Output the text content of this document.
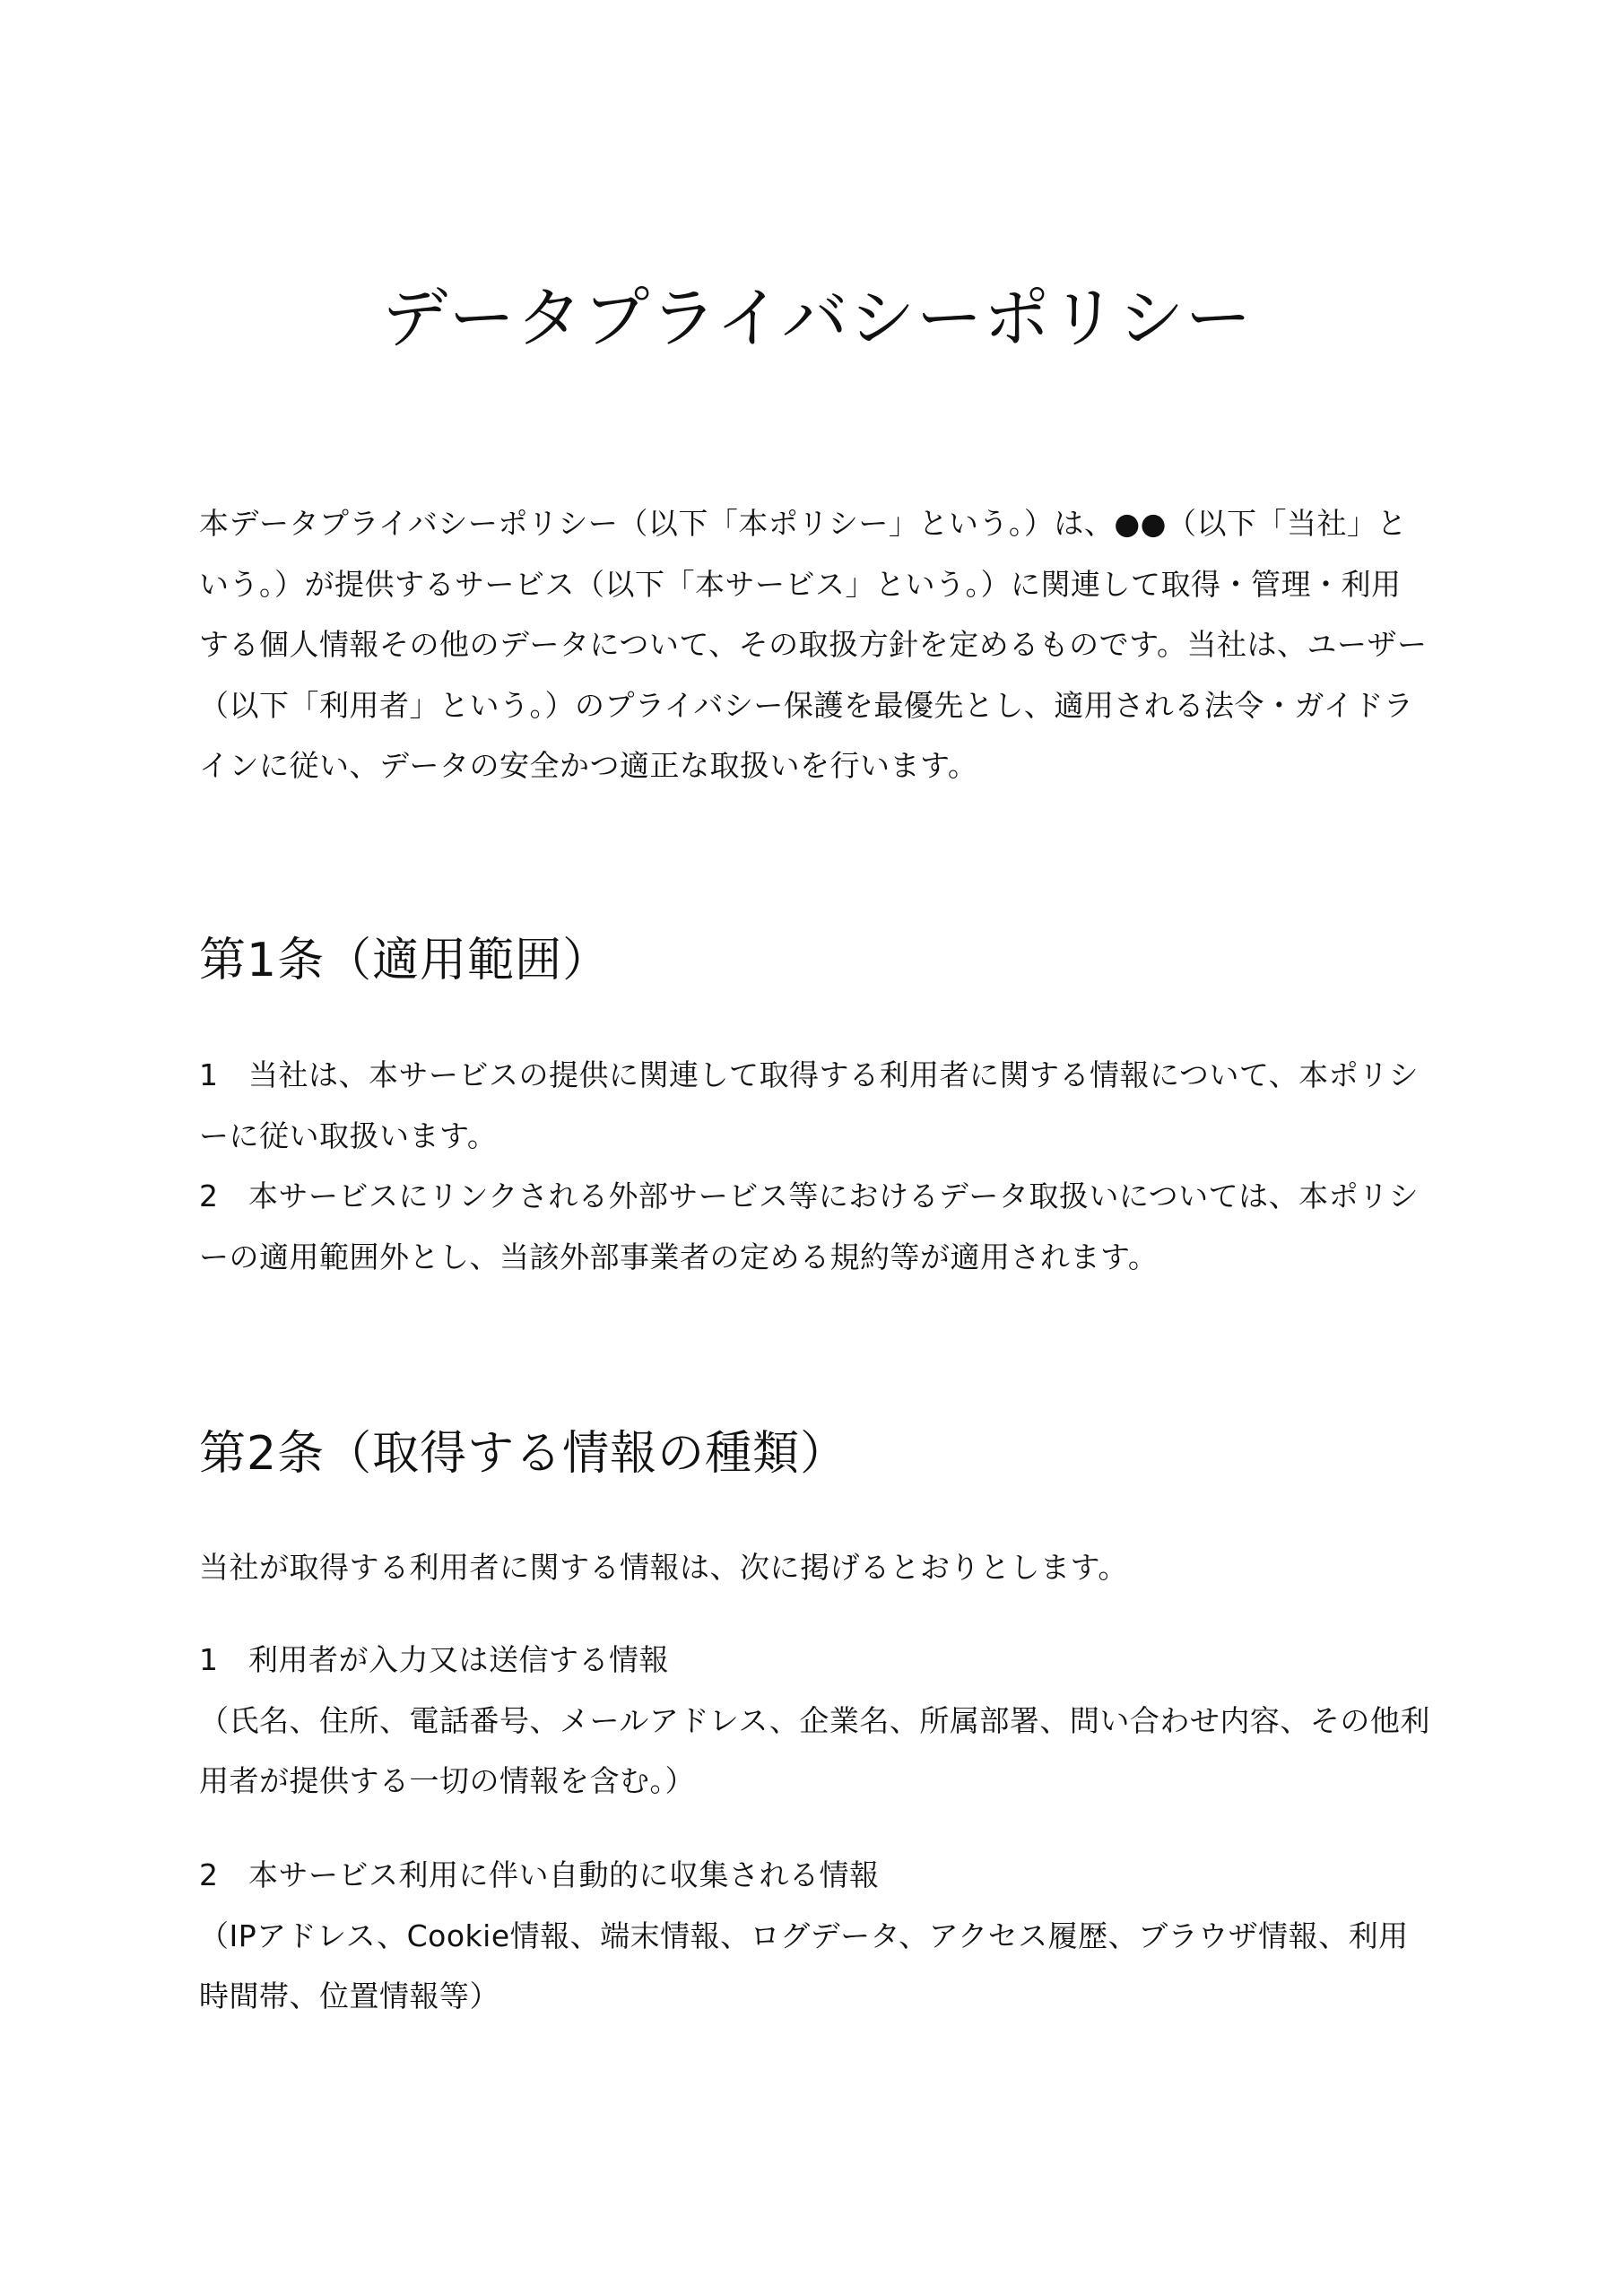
データプライバシーポリシー
本データプライバシーポリシー（以下「本ポリシー」という。）は、●●（以下「当社」と
いう。）が提供するサービス（以下「本サービス」という。）に関連して取得・管理・利用
する個人情報その他のデータについて、その取扱方針を定めるものです。当社は、ユーザー
（以下「利用者」という。）のプライバシー保護を最優先とし、適用される法令・ガイドラ
インに従い、データの安全かつ適正な取扱いを行います。
第1条（適用範囲）
1　当社は、本サービスの提供に関連して取得する利用者に関する情報について、本ポリシ
ーに従い取扱います。
2　本サービスにリンクされる外部サービス等におけるデータ取扱いについては、本ポリシ
ーの適用範囲外とし、当該外部事業者の定める規約等が適用されます。
第2条（取得する情報の種類）
当社が取得する利用者に関する情報は、次に掲げるとおりとします。
1　利用者が入力又は送信する情報
（氏名、住所、電話番号、メールアドレス、企業名、所属部署、問い合わせ内容、その他利
用者が提供する一切の情報を含む。）
2　本サービス利用に伴い自動的に収集される情報
（IPアドレス、Cookie情報、端末情報、ログデータ、アクセス履歴、ブラウザ情報、利用
時間帯、位置情報等）
